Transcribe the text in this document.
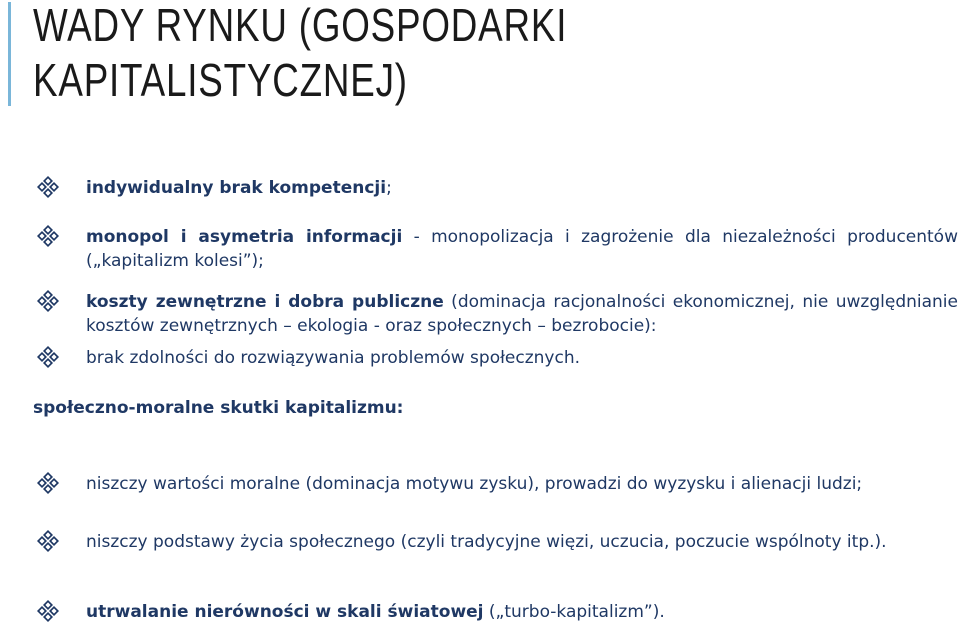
WADY RYNKU (GOSPODARKI KAPITALISTYCZNEJ)
indywidualny brak kompetencji;
monopol i asymetria informacji - monopolizacja i zagrożenie dla niezależności producentów („kapitalizm kolesi”);
koszty zewnętrzne i dobra publiczne (dominacja racjonalności ekonomicznej, nie uwzględnianie kosztów zewnętrznych – ekologia - oraz społecznych – bezrobocie):
brak zdolności do rozwiązywania problemów społecznych.
społeczno-moralne skutki kapitalizmu:
niszczy wartości moralne (dominacja motywu zysku), prowadzi do wyzysku i alienacji ludzi;
niszczy podstawy życia społecznego (czyli tradycyjne więzi, uczucia, poczucie wspólnoty itp.).
utrwalanie nierówności w skali światowej („turbo-kapitalizm”).
